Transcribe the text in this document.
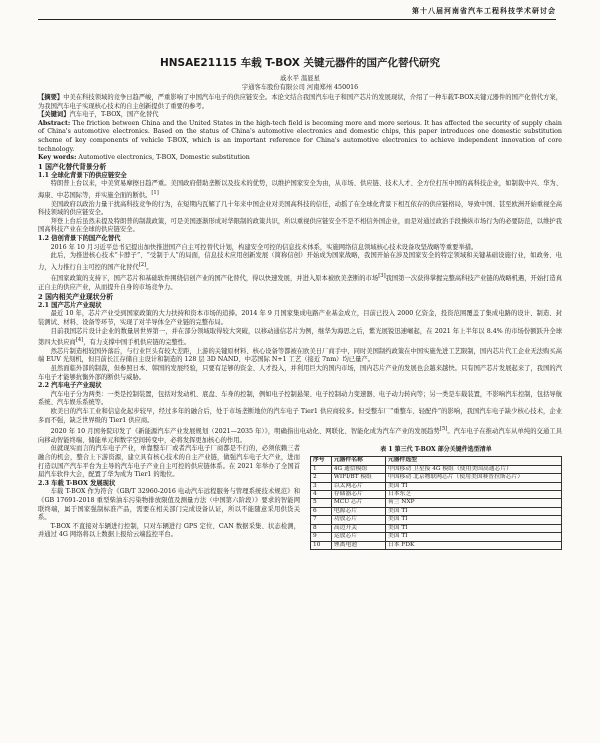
第十八届河南省汽车工程科技学术研讨会
HNSAE21115 车载 T-BOX 关键元器件的国产化替代研究
戚水平 温显星
宇通客车股份有限公司 河南郑州 450016

【摘要】中美在科技领域的竞争日趋严峻，严重影响了中国汽车电子的供应链安全。本论文结合我国汽车电子和国产芯片的发展现状，介绍了一种车载T-BOX关键元器件的国产化替代方案，为我国汽车电子实现核心技术的自主创新提供了重要的参考。

【关键词】汽车电子，T-BOX，国产化替代

Abstract: The friction between China and the United States in the high-tech field is becoming more and more serious. It has affected the security of supply chain of China's automotive electronics. Based on the status of China's automotive electronics and domestic chips, this paper introduces one domestic substitution scheme of key components of vehicle T-BOX, which is an important reference for China's automotive electronics to achieve independent innovation of core technology.

Key words: Automotive electronics, T-BOX, Domestic substitution

1 国产化替代背景分析

1.1 全球化背景下的供应链安全

特朗普上台以来，中美贸易摩擦日趋严重。美国政府借助垄断以及技术的优势，以维护国家安全为由，从市场、供应链、技术人才、全方位打压中国的高科技企业，如制裁中兴、华为、海康、中芯国际等，并实施全面的断供。[1]

美国政府以政治力量干扰高科技竞争的行为，在短期内瓦解了几十年来中国企业对美国高科技的信任，动摇了在全球化背景下相互依存的供应链格局，导致中国、甚至欧洲开始重视全高科技领域的供应链安全。

拜登上台后虽然未提及特朗普的制裁政策，可是美国逐渐形成对华限制的政策共识，所以重视供应链安全不是不相信外国企业，而是对通过政治手段操纵市场行为的必要防范，以维护我国高科技产业在全球的供应链安全。

1.2 信创背景下的国产化替代

2016 年 10 月习近平总书记提出加快推进国产自主可控替代计划，构建安全可控的信息技术体系，实施网络信息领域核心技术设备攻坚战略等重要举措。

此后，为推进核心技术“卡脖子”、“受制于人”的局面，信息技术应用创新发展（简称信创）开始成为国家战略，我国开始在涉及国家安全的特定领域和关键基础设施行业，如政务、电力，入力推行自主可控的国产化替代[2]。

在国家政策的支持下，国产芯片和基础软件围绕信创产业的国产化替代，得以快速发展，并进入原本被欧美垄断的市场[3]我国第一次获得掌握完整高科技产业链的战略机遇，开始打造真正自主的供应产业，从而提升自身的市场竞争力。

2 国内相关产业现状分析

2.1 国产芯片产业现状

最近 10 年，芯片产业受到国家政策的大力扶持和资本市场的追捧。2014 年 9 月国家集成电路产业基金成立，目前已投入 2000 亿资金，投资范围覆盖了集成电路的设计、制造、封装测试、材料、设备等环节，实现了对半导体全产业链的完整布局。

目前我国芯片设计企业的数量居世界第一，并在部分领域取得较大突破，以移动通信芯片为例，继华为海思之后，紫光展锐迅速崛起，在 2021 年上半年以 8.4% 的市场份额跃升全球第四大供应商[4]，有力支撑中国手机供应链的完整性。

然芯片制造相较国外落后，与行业巨头有较大差距，上游的关键原材料、核心设备等都被在欧美日厂商手中，同时美国制约政策在中国实施先进工艺限制，国内芯片代工企业无法购买高端 EUV 光刻机，但目前长江存储自主设计和制造的 128 层 3D NAND、中芯国际 N+1 工艺（接近 7nm）均已量产。

虽然面临外部的制裁，但参照日本、韩国的发展经验，只要有足够的资金、人才投入，并利用巨大的国内市场，国内芯片产业的发展也会越来越快。只有国产芯片发展起来了，我国的汽车电子才能够抗衡外部的断供与威胁。

2.2 汽车电子产业现状

汽车电子分为两类：一类是控制装置，包括对发动机、底盘、车身的控制，例如电子控制悬架、电子控制动力变速器、电子动力转向等；另一类是车载装置，不影响汽车控制，包括导航系统、汽车娱乐系统等。

欧美日的汽车工业和信息化起步较早，经过多年的融合后，处于市场垄断地位的汽车电子 Tier1 供应商较多。但受整车厂“重整车、轻配件”的影响，我国汽车电子缺少核心技术，企业多而不强，缺乏世界级的 Tier1 供应商。

2020 年 10 月国务院印发了《新能源汽车产业发展规划（2021—2035 年）》，明确指出电动化、网联化、智能化成为汽车产业的发展趋势[5]。汽车电子在推动汽车从单纯的交通工具向移动智能终端、储能单元和数字空间转变中，必将发挥更加核心的作用。

但就现实而言的汽车电子产业，单靠整车厂或者汽车电子厂商都是不行的，必须依赖三者融合的机会，整合上下游资源，建立具有核心技术的自主产业链，做强汽车电子大产业，进而打造以国产汽车平台为主导的汽车电子产业自主可控的供应链体系。在 2021 年举办了全国首届汽车软件大会，配置了华为成为 Tier1 的地位。

2.3 车载 T-BOX 发展现状

车载 T-BOX 作为符合《GB/T 32960-2016 电动汽车远程服务与管理系统技术规范》和《GB 17691-2018 重型柴油车污染物排放限值及测量方法（中国第六阶段）》要求的智能网联终端，属于国家强制标准产品，需要在相关部门完成设备认证，所以不能随意采用供货关系。

T-BOX 不直接对车辆进行控制，只对车辆进行 GPS 定位、CAN 数据采集、状态检测，并通过 4G 网络将以上数据上报给云端监控平台。

表 1 第三代 T-BOX 部分关键件选型清单
序号	元器件名称	元器件选型
1	4G 通信模组	中国移动 卫星接 4G 模组（使用美国高通芯片）
2	WIFI/BT 模组	中国移动 北京物联网芯片（使用美国赛普拉斯芯片）
3	以太网芯片	美国 TI
4	存储器芯片	日本东芝
5	MCU 芯片	荷兰 NXP
6	电源芯片	美国 TI
7	功放芯片	美国 TI
8	高边开关	美国 TI
9	运放芯片	美国 TI
10	锂离电池	日本 FDK
